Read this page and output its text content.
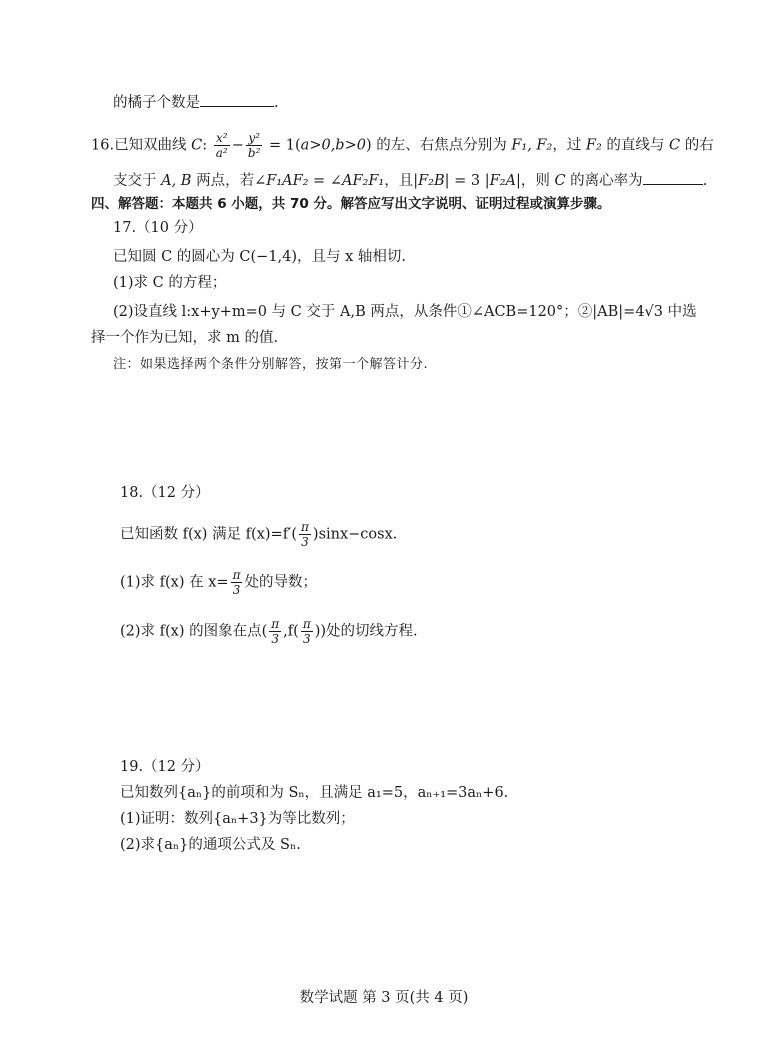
的橘子个数是	.
16.已知双曲线 C: $\frac{\text{x²}}{\text{a²}} - \frac{\text{y²}}{\text{b²}} = 1(a>0,b>0)$ 的左、右焦点分别为 F₁, F₂，过 F₂ 的直线与 C 的右
支交于 A, B 两点，若∠F₁AF₂ = ∠AF₂F₁，且|F₂B| = 3 |F₂A|，则 C 的离心率为	.
四、解答题：本题共 6 小题，共 70 分。解答应写出文字说明、证明过程或演算步骤。
17.（10 分）
已知圆 C 的圆心为 C(−1,4)，且与 x 轴相切.
(1)求 C 的方程；
(2)设直线 l:x+y+m=0 与 C 交于 A,B 两点，从条件①∠ACB=120°；②|AB|=4√3 中选
择一个作为已知，求 m 的值.
注：如果选择两个条件分别解答，按第一个解答计分.
18.（12 分）
已知函数 f(x) 满足 $f(x)=f'( \frac{\pi}{3} )\sin x-\cos x$.
(1)求 f(x) 在 $x= \frac{\pi}{3}$ 处的导数；
(2)求 f(x) 的图象在点( $\frac{\pi}{3} ,f( \frac{\pi}{3}$ ))处的切线方程.
19.（12 分）
已知数列{aₙ}的前项和为 Sₙ，且满足 a₁=5，aₙ₊₁=3aₙ+6.
(1)证明：数列{aₙ+3}为等比数列；
(2)求{aₙ}的通项公式及 Sₙ.
数学试题 第 3 页(共 4 页)
